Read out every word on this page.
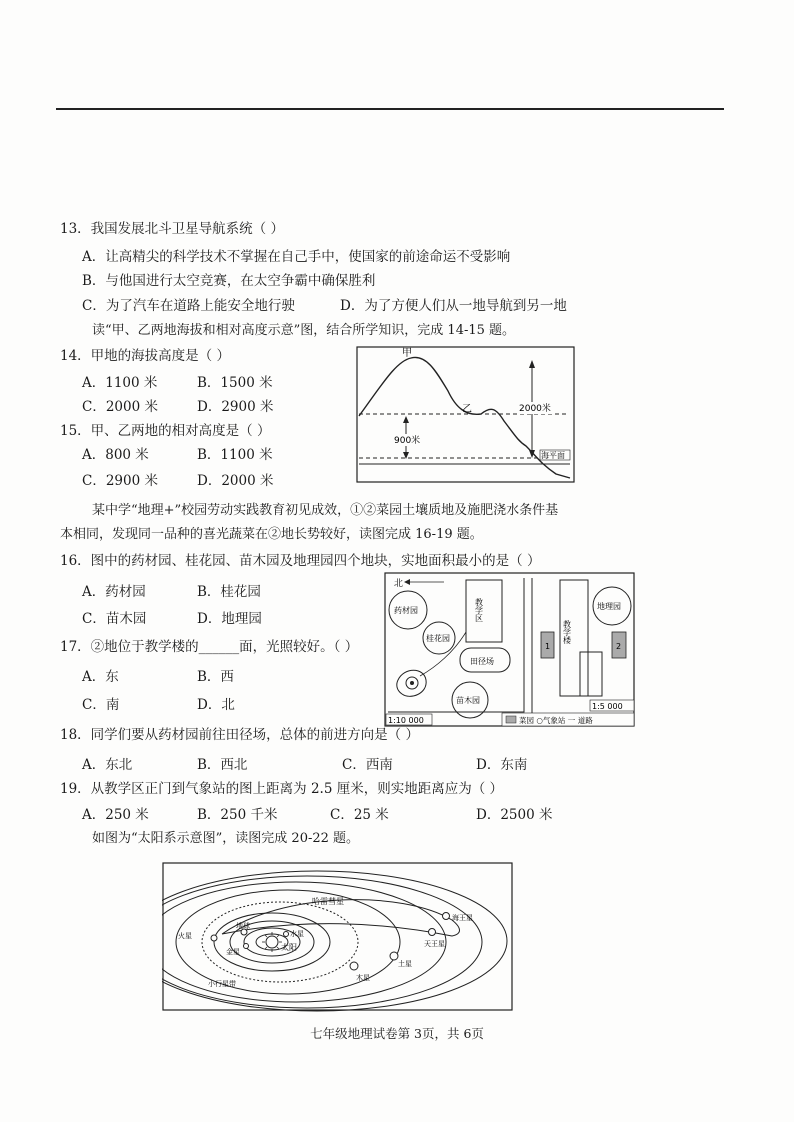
13．我国发展北斗卫星导航系统（ ）
A．让高精尖的科学技术不掌握在自己手中，使国家的前途命运不受影响
B．与他国进行太空竞赛，在太空争霸中确保胜利
C．为了汽车在道路上能安全地行驶	D．为了方便人们从一地导航到另一地
读“甲、乙两地海拔和相对高度示意”图，结合所学知识，完成 14-15 题。
14．甲地的海拔高度是（ ）
A．1100 米	B．1500 米
C．2000 米	D．2900 米
15．甲、乙两地的相对高度是（ ）
A．800 米	B．1100 米
C．2900 米	D．2000 米
甲
乙	2000米
900米
海平面
某中学“地理+”校园劳动实践教育初见成效，①②菜园土壤质地及施肥浇水条件基
本相同，发现同一品种的喜光蔬菜在②地长势较好，读图完成 16-19 题。
16．图中的药材园、桂花园、苗木园及地理园四个地块，实地面积最小的是（ ）
A．药材园	B．桂花园
C．苗木园	D．地理园
17．②地位于教学楼的______面，光照较好。（ ）
A．东	B．西
C．南	D．北
北
药材园
桂花园
教学区
田径场
苗木园
教学楼
1	2
地理园
1:10 000
1:5 000
菜园 ○气象站 一 道路
18．同学们要从药材园前往田径场，总体的前进方向是（ ）
A．东北	B．西北	C．西南	D．东南
19．从教学区正门到气象站的图上距离为 2.5 厘米，则实地距离应为（ ）
A．250 米	B．250 千米	C．25 米	D．2500 米
如图为“太阳系示意图”，读图完成 20-22 题。
太阳
水星
金星
地球
火星
木星
土星
天王星
海王星
哈雷彗星
小行星带
七年级地理试卷第 3页，共 6页
